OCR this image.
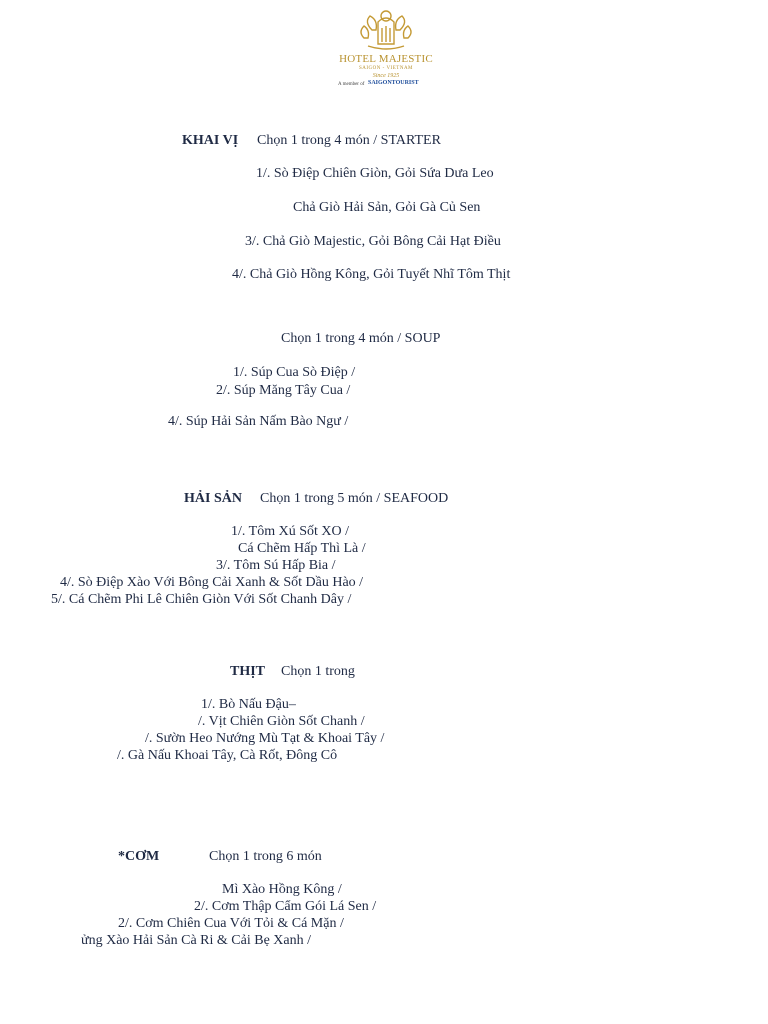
HOTEL MAJESTIC
SAIGON - VIETNAM
Since 1925
A member of SAIGONTOURIST
KHAI VỊ Chọn 1 trong 4 món / STARTER
1/. Sò Điệp Chiên Giòn, Gỏi Sứa Dưa Leo
Chả Giò Hải Sản, Gỏi Gà Củ Sen
3/. Chả Giò Majestic, Gỏi Bông Cải Hạt Điều
4/. Chả Giò Hồng Kông, Gỏi Tuyết Nhĩ Tôm Thịt
Chọn 1 trong 4 món / SOUP
1/. Súp Cua Sò Điệp /
2/. Súp Măng Tây Cua /
4/. Súp Hải Sản Nấm Bào Ngư /
HẢI SẢN Chọn 1 trong 5 món / SEAFOOD
1/. Tôm Xú Sốt XO /
Cá Chẽm Hấp Thì Là /
3/. Tôm Sú Hấp Bia /
4/. Sò Điệp Xào Với Bông Cải Xanh & Sốt Dầu Hào /
5/. Cá Chẽm Phi Lê Chiên Giòn Với Sốt Chanh Dây /
THỊT Chọn 1 trong
1/. Bò Nấu Đậu–
/. Vịt Chiên Giòn Sốt Chanh /
/. Sườn Heo Nướng Mù Tạt & Khoai Tây /
/. Gà Nấu Khoai Tây, Cà Rốt, Đông Cô
*CƠM	Chọn 1 trong 6 món
Mì Xào Hồng Kông /
2/. Cơm Thập Cẩm Gói Lá Sen /
2/. Cơm Chiên Cua Với Tỏi & Cá Mặn /
ửng Xào Hải Sản Cà Ri & Cải Bẹ Xanh /
